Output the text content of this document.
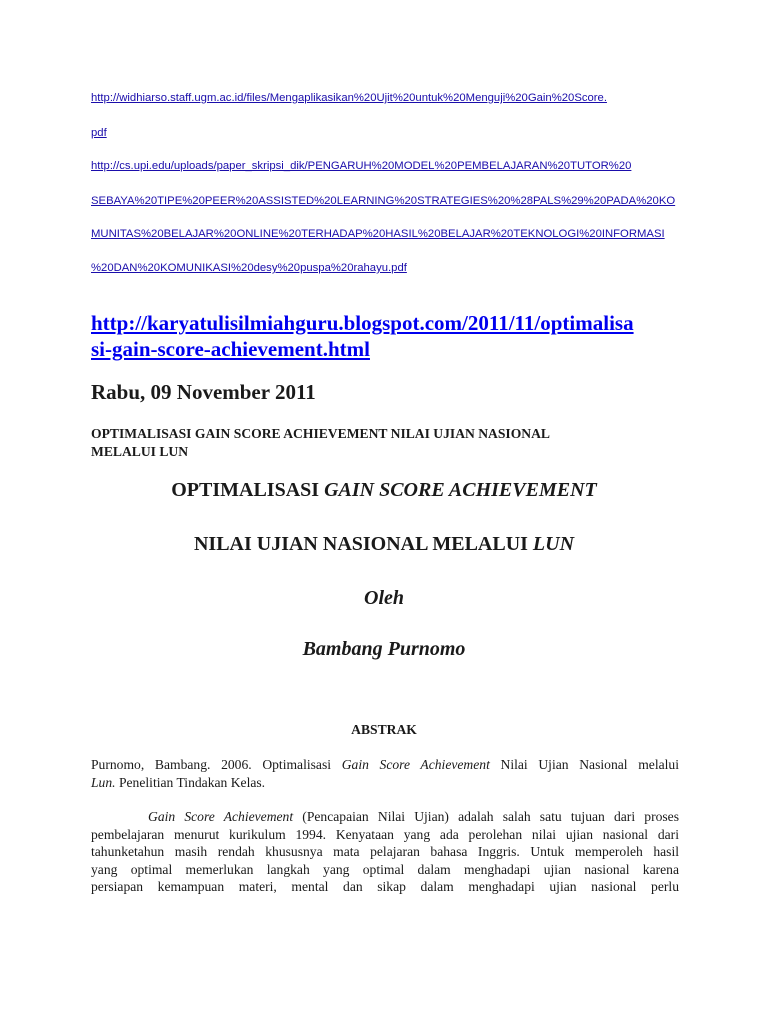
http://widhiarso.staff.ugm.ac.id/files/Mengaplikasikan%20Ujit%20untuk%20Menguji%20Gain%20Score.
pdf
http://cs.upi.edu/uploads/paper_skripsi_dik/PENGARUH%20MODEL%20PEMBELAJARAN%20TUTOR%20
SEBAYA%20TIPE%20PEER%20ASSISTED%20LEARNING%20STRATEGIES%20%28PALS%29%20PADA%20KO
MUNITAS%20BELAJAR%20ONLINE%20TERHADAP%20HASIL%20BELAJAR%20TEKNOLOGI%20INFORMASI
%20DAN%20KOMUNIKASI%20desy%20puspa%20rahayu.pdf
http://karyatulisilmiahguru.blogspot.com/2011/11/optimalisa
si-gain-score-achievement.html
Rabu, 09 November 2011
OPTIMALISASI GAIN SCORE ACHIEVEMENT NILAI UJIAN NASIONAL
MELALUI LUN
OPTIMALISASI GAIN SCORE ACHIEVEMENT
NILAI UJIAN NASIONAL MELALUI LUN
Oleh
Bambang Purnomo
ABSTRAK
Purnomo, Bambang. 2006. Optimalisasi Gain Score Achievement Nilai Ujian Nasional melalui
Lun. Penelitian Tindakan Kelas.
Gain Score Achievement (Pencapaian Nilai Ujian) adalah salah satu tujuan dari proses
pembelajaran menurut kurikulum 1994. Kenyataan yang ada perolehan nilai ujian nasional dari
tahunketahun masih rendah khususnya mata pelajaran bahasa Inggris. Untuk memperoleh hasil
yang optimal memerlukan langkah yang optimal dalam menghadapi ujian nasional karena
persiapan kemampuan materi, mental dan sikap dalam menghadapi ujian nasional perlu
